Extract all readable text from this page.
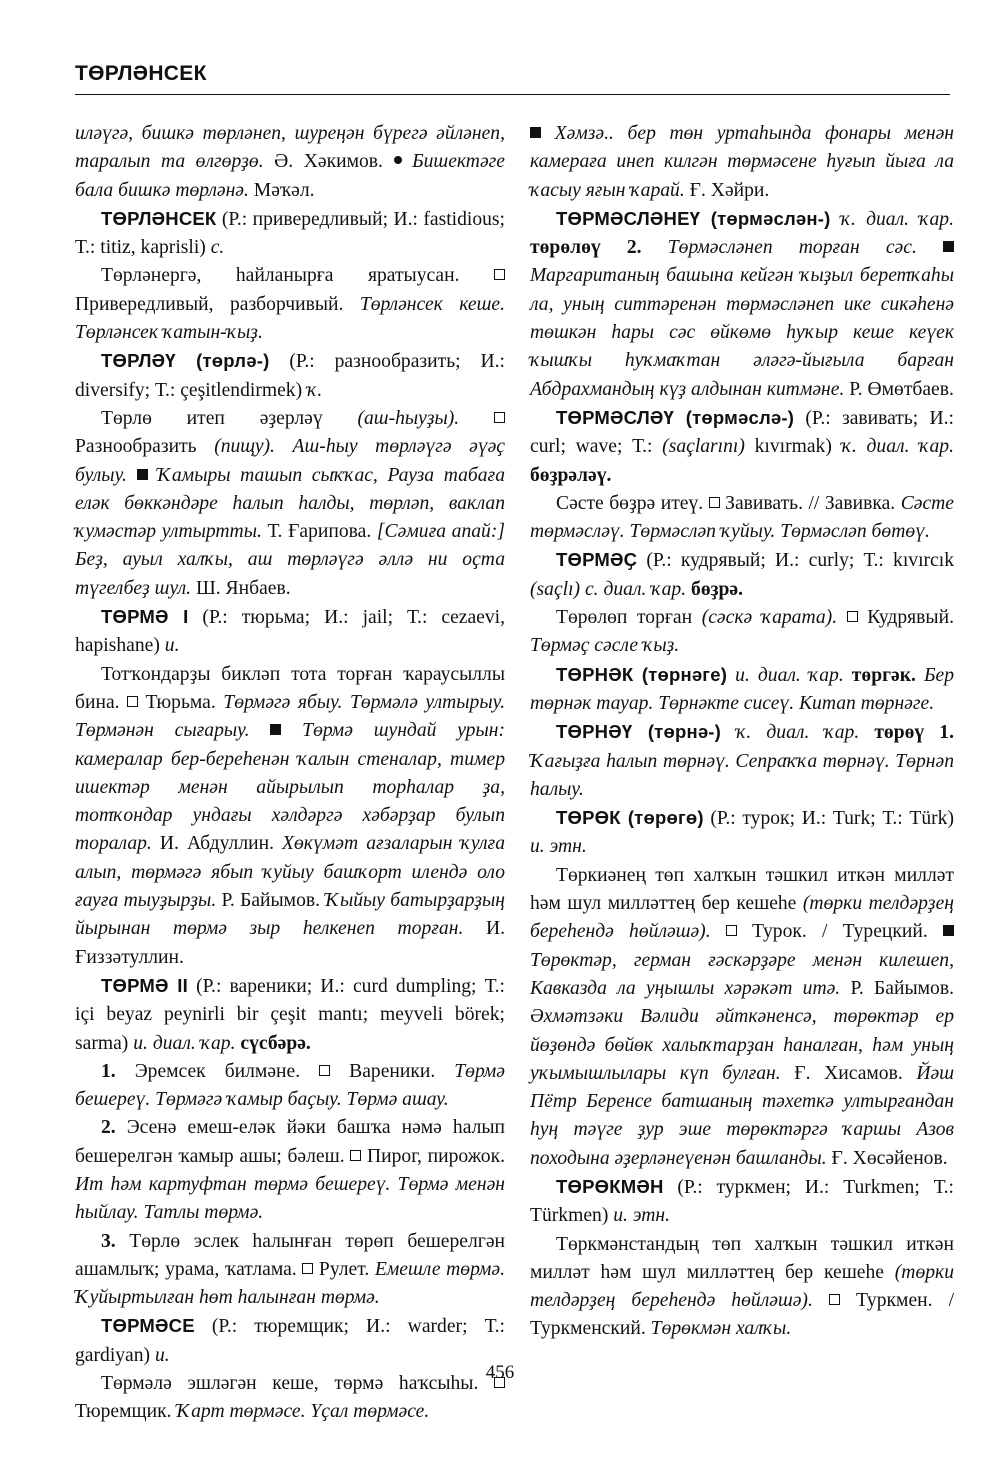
ТӨРЛӘНСЕК

иләүгә, бишкә төрләнеп, шуреңән бүрегә әйләнеп, таралып та өлгөрҙө. Ә. Хәкимов.  Бишектәге бала бишкә төрләнә. Мәҡәл.

ТӨРЛӘНСЕК (Р.: привередливый; И.: fastidious; Т.: titiz, kaprisli) с.

Төрләнергә, һайланырға яратыусан.  Привередливый, разборчивый. Төрләнсек кеше. Төрләнсек ҡатын-ҡыҙ.

ТӨРЛӘҮ (төрлә-) (Р.: разнообразить; И.: diversify; Т.: çeşitlendirmek) ҡ.

Төрлө итеп әҙерләү (аш-һыуҙы).  Разнообразить (пищу). Аш-һыу төрләүгә әүәҫ булыу. Ҡамыры ташып сыҡҡас, Рауза табаға еләк бөккәндәре һалып һалды, төрләп, ваклап ҡумәстәр ултыртты. Т. Ғарипова. [Сәмиға апай:] Беҙ, ауыл халҡы, аш төрләүгә әллә ни оҫта түгелбеҙ шул. Ш. Янбаев.

ТӨРМӘ I (Р.: тюрьма; И.: jail; Т.: cezaevi, hapishane) и.

Тотҡондарҙы бикләп тота торған ҡараусыллы бина.  Тюрьма. Төрмәгә ябыу. Төрмәлә ултырыу. Төрмәнән сығарыу.  Төрмә шундай урын: камералар бер-береһенән ҡалын стеналар, тимер ишектәр менән айырылып торһалар ҙа, тотҡондар ундағы хәлдәргә хәбәрҙар булып торалар. И. Абдуллин. Хөкүмәт ағзаларын ҡулға алып, төрмәгә ябып ҡуйыу башҡорт илендә оло ғауға тыуҙырҙы. Р. Байымов. Ҡыйыу батырҙарҙың йырынан төрмә зыр һелкенеп торған. И. Ғиззәтуллин.

ТӨРМӘ II (Р.: вареники; И.: curd dumpling; Т.: içi beyaz peynirli bir çeşit mantı; meyveli börek; sarma) и. диал. ҡар. сүсбәрә.

1. Эремсек билмәне.  Вареники. Төрмә бешереү. Төрмәгә ҡамыр баҫыу. Төрмә ашау.

2. Эсенә емеш-еләк йәки башҡа нәмә һалып бешерелгән ҡамыр ашы; бәлеш.  Пирог, пирожок. Ит һәм картуфтан төрмә бешереү. Төрмә менән һыйлау. Татлы төрмә.

3. Төрлө эслек һалынған төрөп бешерелгән ашамлыҡ; урама, ҡатлама.  Рулет. Емешле төрмә. Ҡуйыртылған һөт һалынған төрмә.

ТӨРМӘСЕ (Р.: тюремщик; И.: warder; Т.: gardiyan) и.

Төрмәлә эшләгән кеше, төрмә һаҡсыһы.  Тюремщик. Ҡарт төрмәсе. Үҫал төрмәсе.

Хәмзә.. бер төн уртаһында фонары менән камераға инеп килгән төрмәсене һуғып йыға ла ҡасыу яғын ҡарай. Ғ. Хәйри.

ТӨРМӘСЛӘНЕҮ (төрмәслән-) ҡ. диал. ҡар. төрөлөү 2. Төрмәсләнеп торған сәс.  Маргаританың башына кейгән ҡыҙыл беретҡаһы ла, уның ситтәренән төрмәсләнеп ике сикәһенә төшкән һары сәс өйкөмө һуҡыр кеше кеүек ҡышҡы һуҡмаҡтан әләгә-йығыла барған Абдрахмандың күҙ алдынан китмәне. Р. Өмөтбаев.

ТӨРМӘСЛӘҮ (төрмәслә-) (Р.: завивать; И.: curl; wave; Т.: (saçlarını) kıvırmak) ҡ. диал. ҡар. бөҙрәләү.

Сәсте бөҙрә итеү.  Завивать. // Завивка. Сәсте төрмәсләү. Төрмәсләп ҡуйыу. Төрмәсләп бөтөү.

ТӨРМӘҪ (Р.: кудрявый; И.: curly; Т.: kıvırcık (saçlı) с. диал. ҡар. бөҙрә.

Төрөлөп торған (сәскә ҡарата).  Кудрявый. Төрмәҫ сәсле ҡыҙ.

ТӨРНӘК (төрнәге) и. диал. ҡар. төргәк. Бер төрнәк тауар. Төрнәкте сисеү. Китап төрнәге.

ТӨРНӘҮ (төрнә-) ҡ. диал. ҡар. төрөү 1. Ҡағыҙға һалып төрнәү. Сепраҡҡа төрнәү. Төрнәп һалыу.

ТӨРӨК (төрөгө) (Р.: турок; И.: Turk; Т.: Türk) и. этн.

Төркиәнең төп халҡын тәшкил иткән милләт һәм шул милләттең бер кешеһе (төрки телдәрҙең береһендә һөйләшә).  Турок. / Турецкий.  Төрөктәр, герман ғәскәрҙәре менән килешеп, Кавказда ла уңышлы хәрәкәт итә. Р. Байымов. Әхмәтзәки Вәлиди әйткәненсә, төрөктәр ер йөҙөндә бөйөк халыҡтарҙан һаналған, һәм уның уҡымышлылары күп булған. Ғ. Хисамов. Йәш Пётр Беренсе батшаның тәхеткә ултырғандан һуң тәүге ҙур эше төрөктәргә ҡаршы Азов походына әҙерләнеүенән башланды. Ғ. Хөсәйенов.

ТӨРӨКМӘН (Р.: туркмен; И.: Turkmen; Т.: Türkmen) и. этн.

Төркмәнстандың төп халҡын тәшкил иткән милләт һәм шул милләттең бер кешеһе (төрки телдәрҙең береһендә һөйләшә).  Туркмен. / Туркменский. Төрөкмән халҡы.

456
